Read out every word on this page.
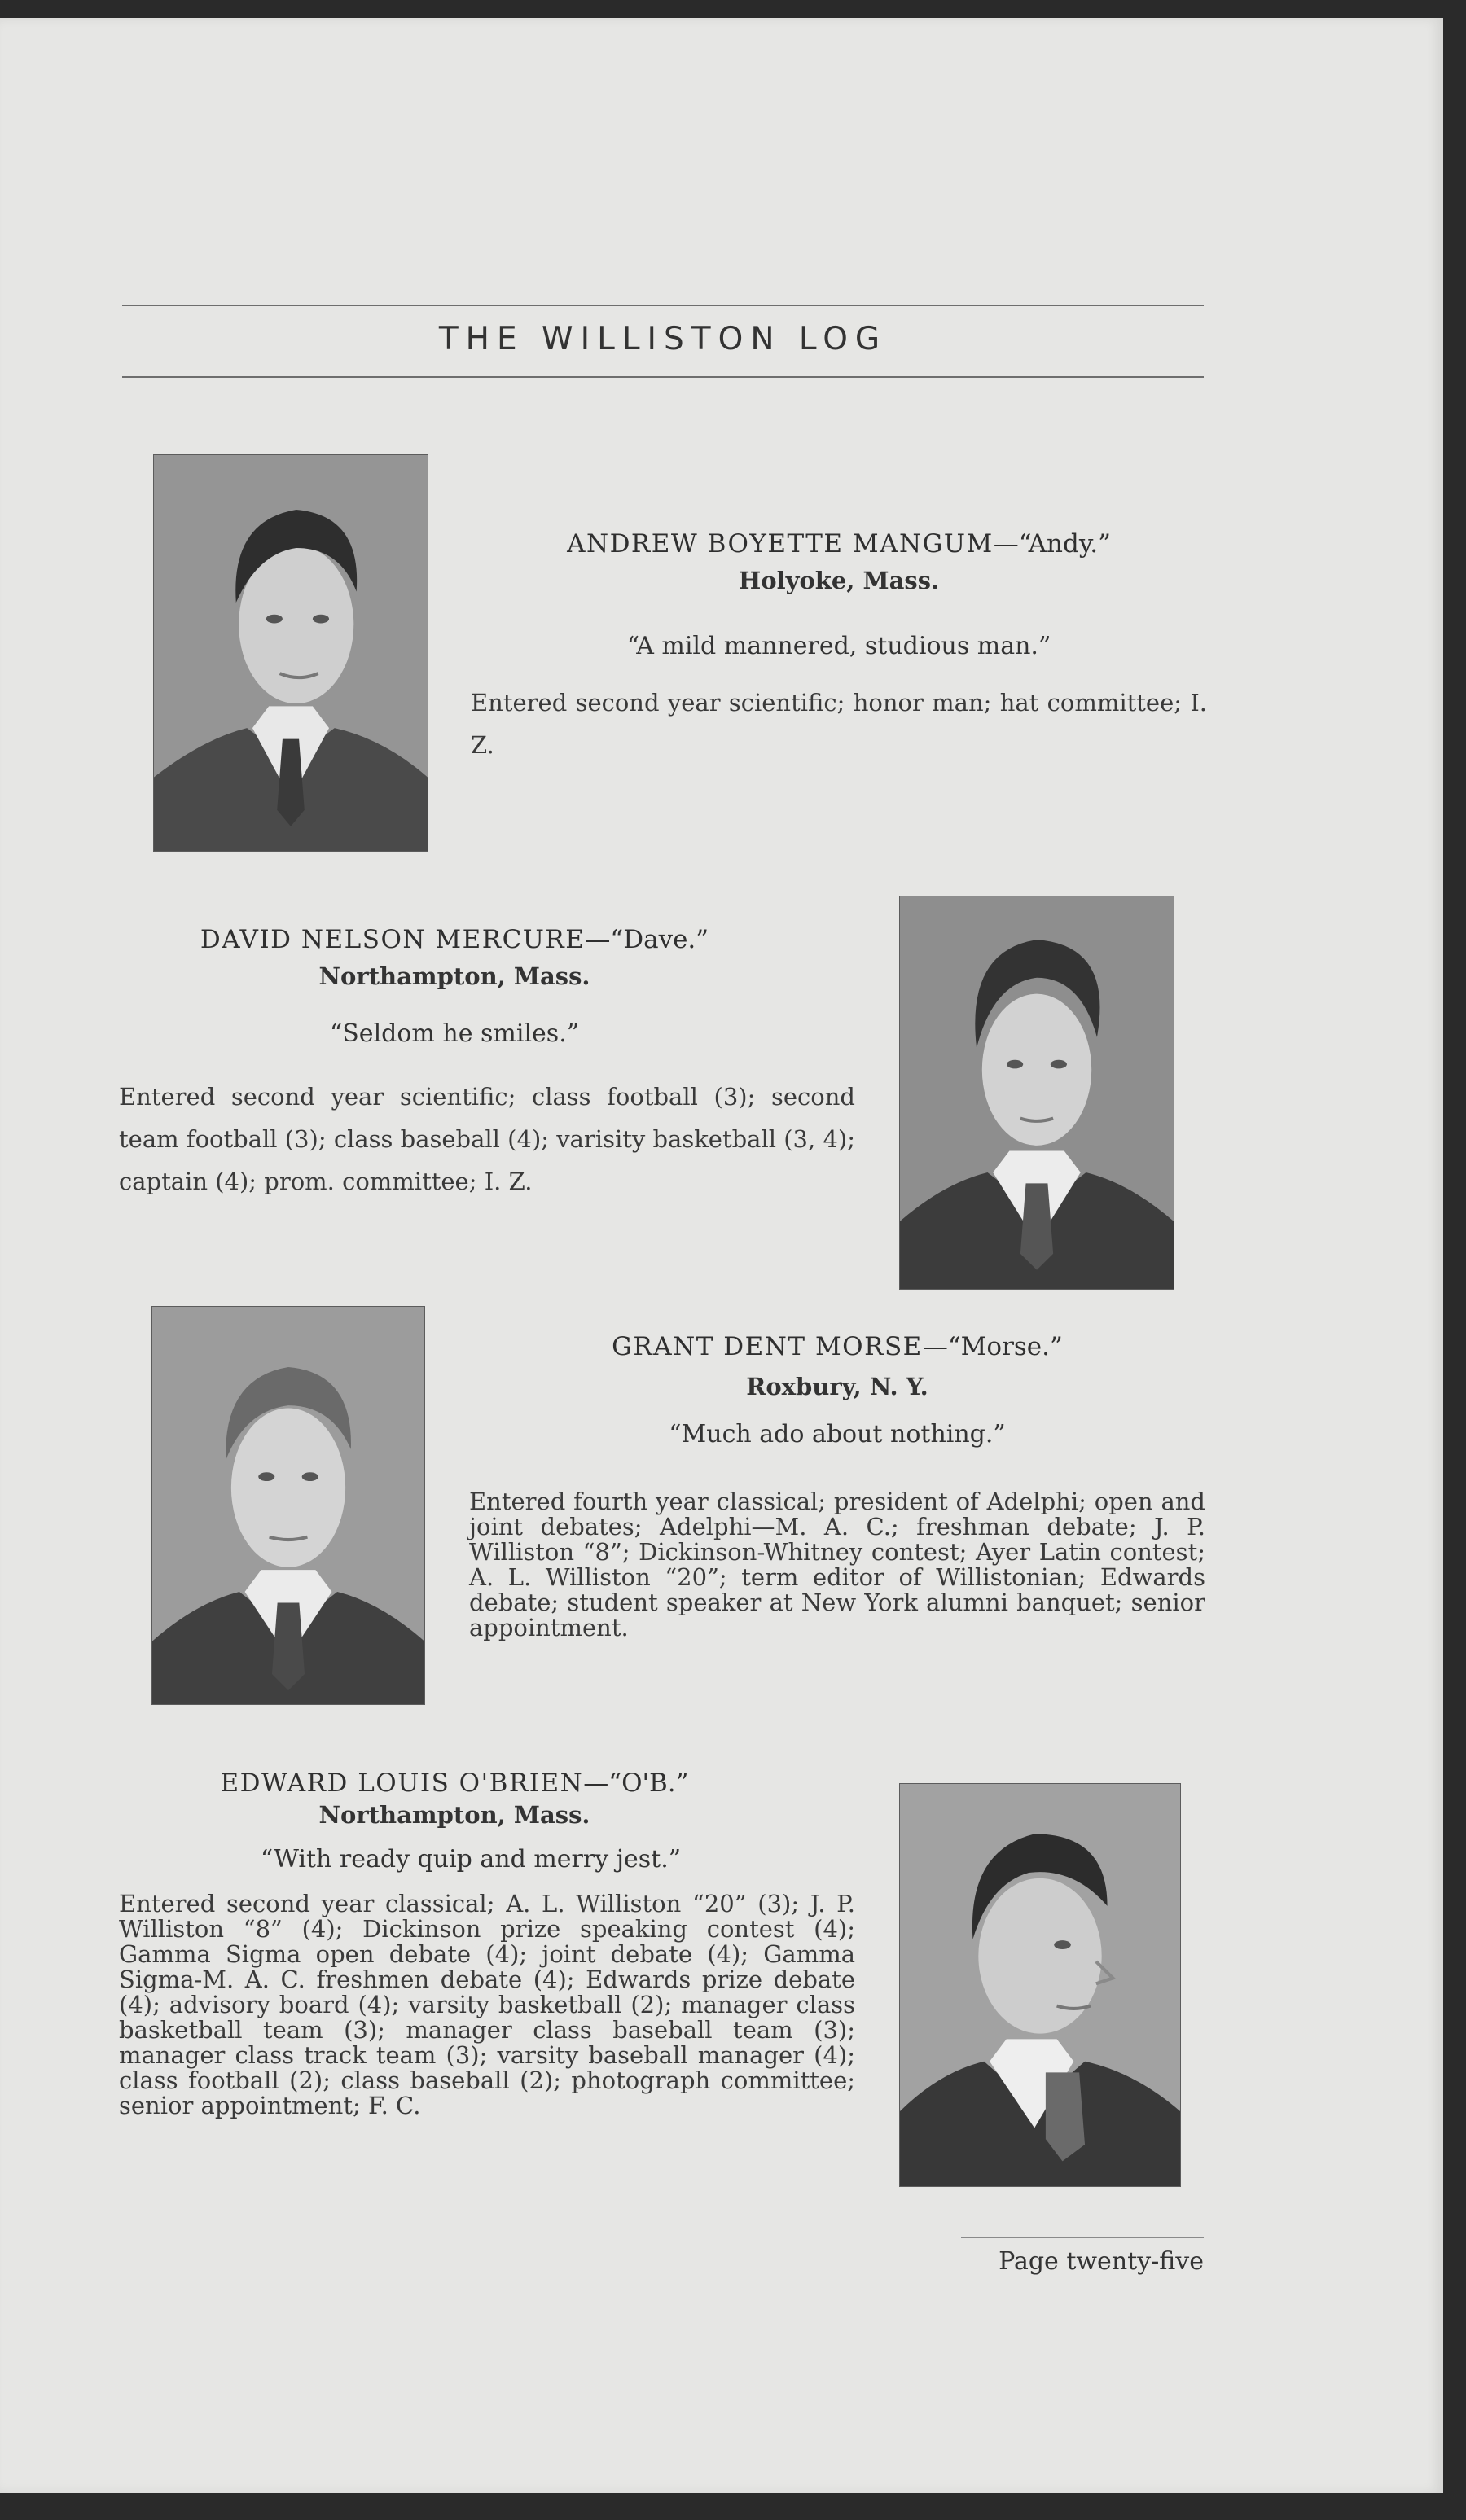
THE WILLISTON LOG
ANDREW BOYETTE MANGUM—“Andy.”
Holyoke, Mass.
“A mild mannered, studious man.”
Entered second year scientific; honor man; hat committee; I. Z.
DAVID NELSON MERCURE—“Dave.”
Northampton, Mass.
“Seldom he smiles.”
Entered second year scientific; class football (3); second team football (3); class baseball (4); varisity basketball (3, 4); captain (4); prom. committee; I. Z.
GRANT DENT MORSE—“Morse.”
Roxbury, N. Y.
“Much ado about nothing.”
Entered fourth year classical; president of Adelphi; open and joint debates; Adelphi—M. A. C.; freshman debate; J. P. Williston “8”; Dickinson-Whitney contest; Ayer Latin contest; A. L. Williston “20”; term editor of Willistonian; Edwards debate; student speaker at New York alumni banquet; senior appointment.
EDWARD LOUIS O'BRIEN—“O'B.”
Northampton, Mass.
“With ready quip and merry jest.”
Entered second year classical; A. L. Williston “20” (3); J. P. Williston “8” (4); Dickinson prize speaking contest (4); Gamma Sigma open debate (4); joint debate (4); Gamma Sigma-M. A. C. freshmen debate (4); Edwards prize debate (4); advisory board (4); varsity basketball (2); manager class basketball team (3); manager class baseball team (3); manager class track team (3); varsity baseball manager (4); class football (2); class baseball (2); photograph committee; senior appointment; F. C.
Page twenty-five
